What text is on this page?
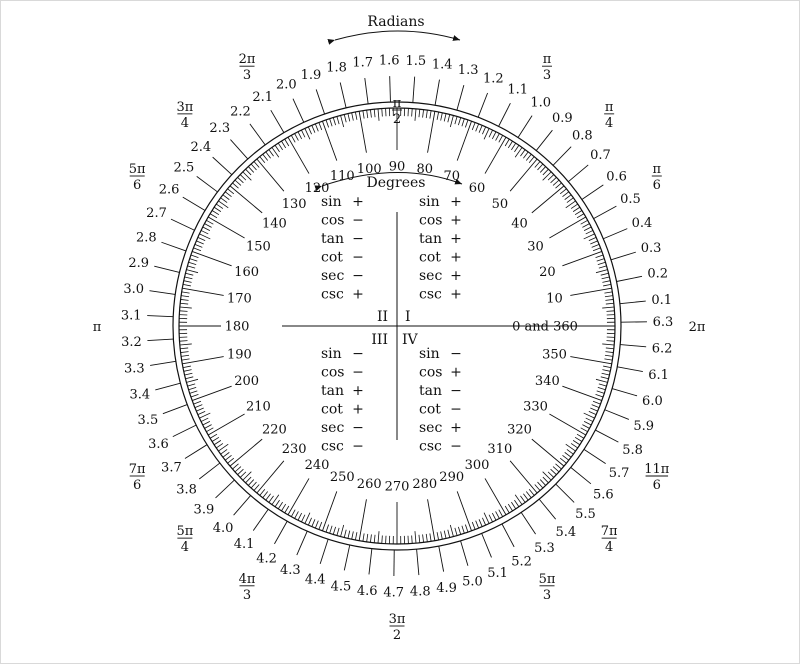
0 and 360
10
20
30
40
50
60
70
80
90
100
110
120
130
140
150
160
170
180
190
200
210
220
230
240
250 260 270 280 290
300
310
320
330
340
350
0.1
0.2
0.3
0.4
0.5
0.6
0.7
0.8
0.9
1.0
1.1
1.2
1.3
1.4
1.5
1.6
1.7
1.8
1.9
2.0
2.1
2.2
2.3
2.4
2.5
2.6
2.7
2.8
2.9
3.0
3.1
3.2
3.3
3.4
3.5
3.6
3.7
3.8
3.9
4.0
4.1
4.2
4.3
4.4 4.5 4.6 4.7 4.8 4.9 5.0
5.1
5.2
5.3
5.4
5.5
5.6
5.7
5.8
5.9
6.0
6.1
6.2
6.3
π
6
π
4
π
3
π
2
2π
3
3π
4
5π
6
π
7π
6
5π
4
4π
3
3π
2
5π
3
7π
4
11π
6
2π
Radians
Degrees
II I
III IV
sin +
cos −
tan −
cot −
sec −
csc +
sin +
cos +
tan +
cot +
sec +
csc +
sin −
cos −
tan +
cot +
sec −
csc −
sin −
cos +
tan −
cot −
sec +
csc −
